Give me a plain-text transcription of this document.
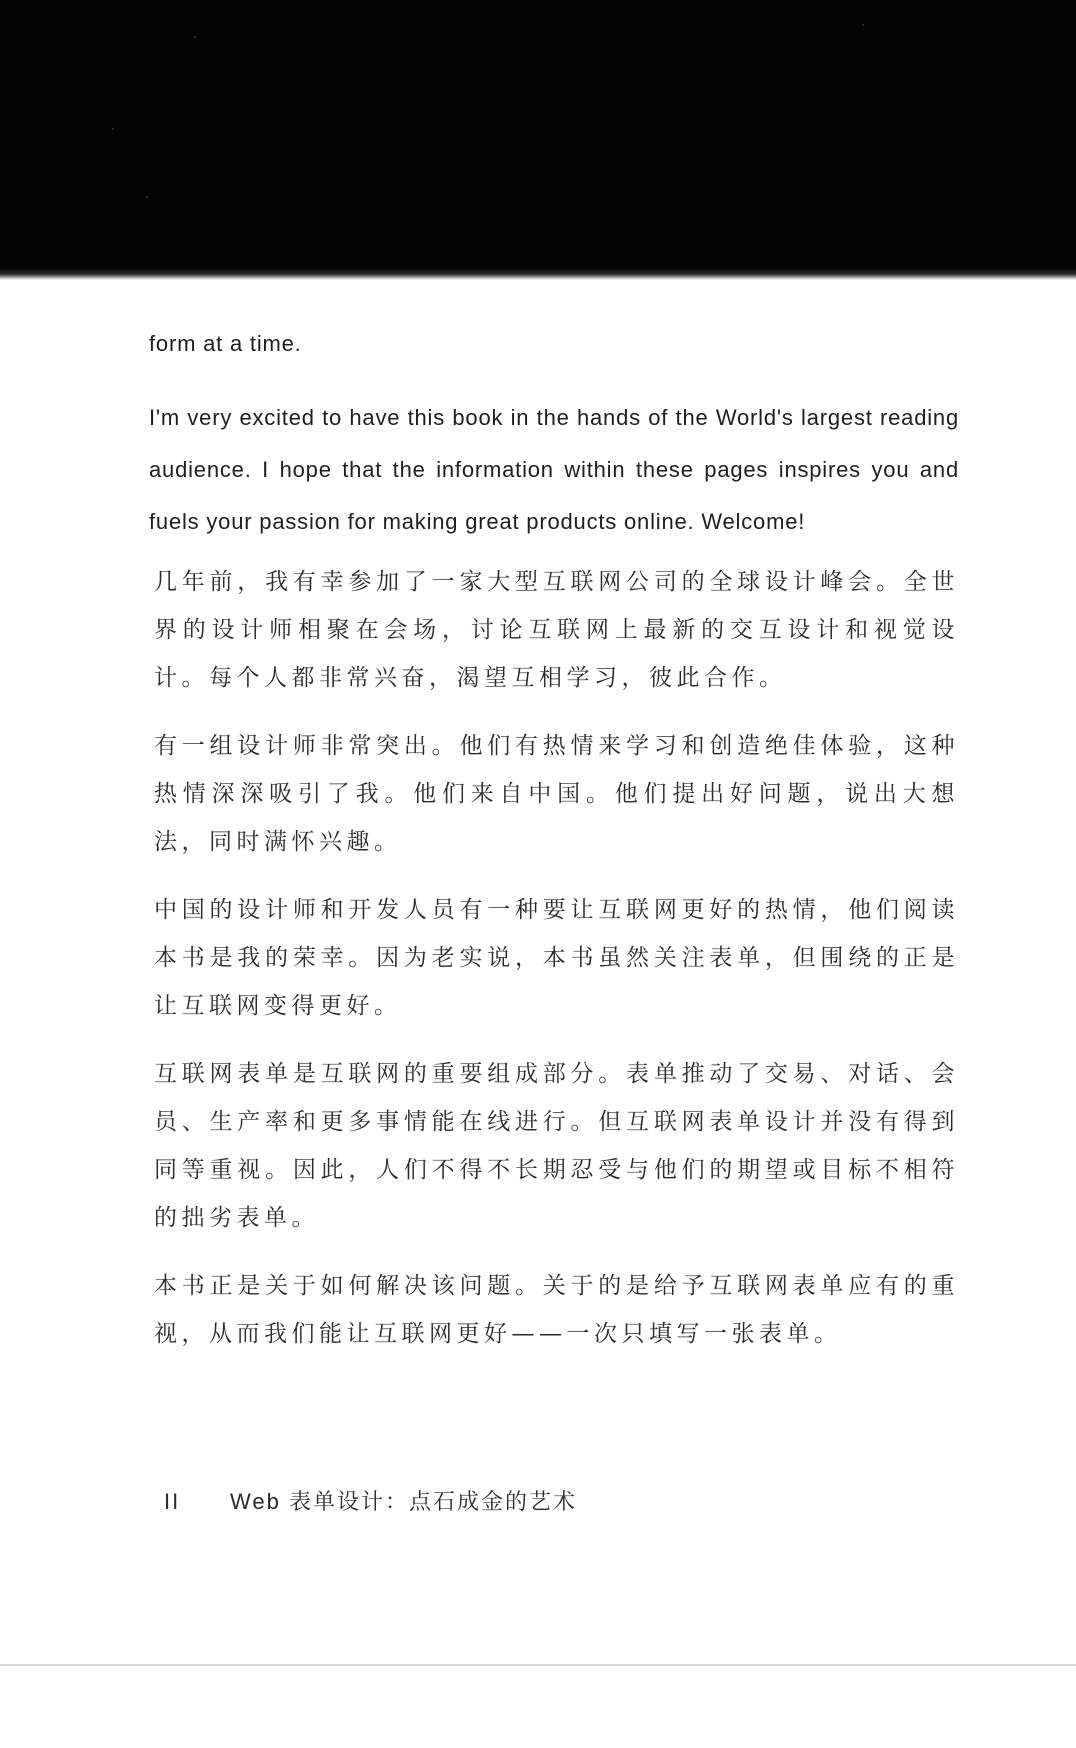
form at a time.

I'm very excited to have this book in the hands of the World's largest reading audience. I hope that the information within these pages inspires you and fuels your passion for making great products online. Welcome!

几年前，我有幸参加了一家大型互联网公司的全球设计峰会。全世界的设计师相聚在会场，讨论互联网上最新的交互设计和视觉设计。每个人都非常兴奋，渴望互相学习，彼此合作。

有一组设计师非常突出。他们有热情来学习和创造绝佳体验，这种热情深深吸引了我。他们来自中国。他们提出好问题，说出大想法，同时满怀兴趣。

中国的设计师和开发人员有一种要让互联网更好的热情，他们阅读本书是我的荣幸。因为老实说，本书虽然关注表单，但围绕的正是让互联网变得更好。

互联网表单是互联网的重要组成部分。表单推动了交易、对话、会员、生产率和更多事情能在线进行。但互联网表单设计并没有得到同等重视。因此，人们不得不长期忍受与他们的期望或目标不相符的拙劣表单。

本书正是关于如何解决该问题。关于的是给予互联网表单应有的重视，从而我们能让互联网更好——一次只填写一张表单。

II	Web 表单设计：点石成金的艺术
